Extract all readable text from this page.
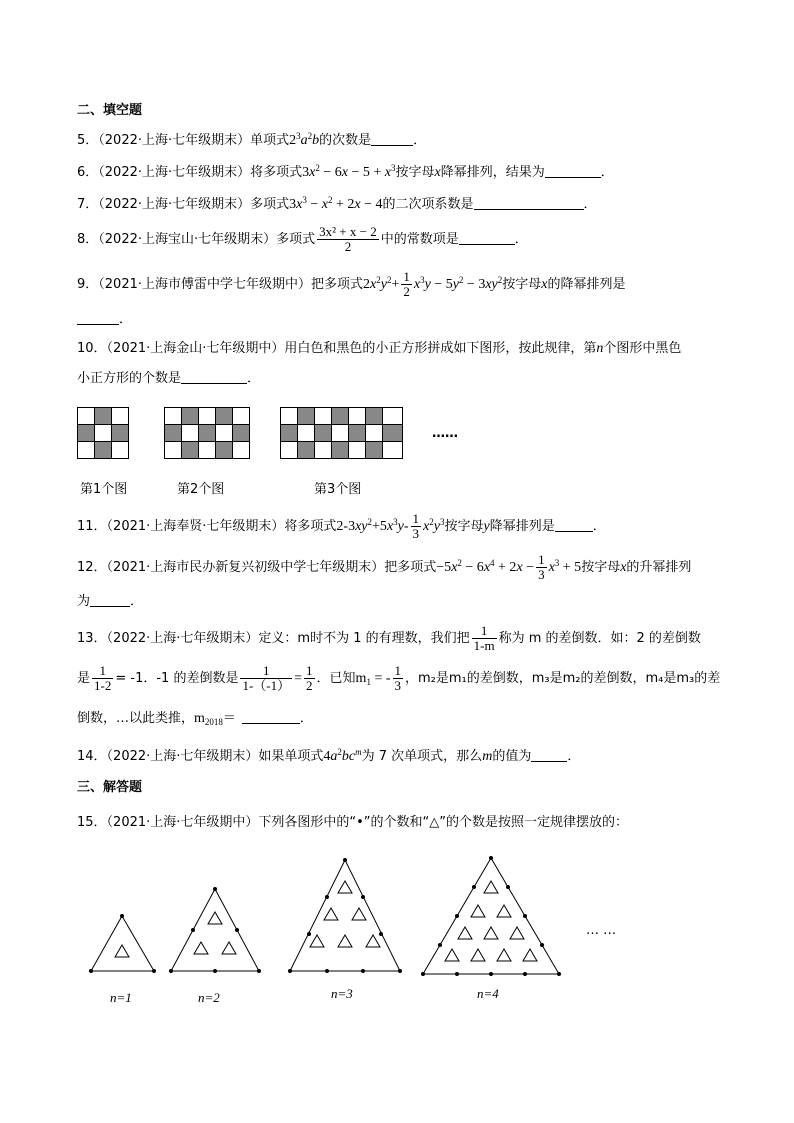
二、填空题
5．（2022·上海·七年级期末）单项式$2^3a^2b$的次数是	．
6．（2022·上海·七年级期末）将多项式$3x^2 - 6x - 5 + x^3$按字母x降幂排列，结果为	．
7．（2022·上海·七年级期末）多项式$3x^3 - x^2 + 2x - 4$的二次项系数是	．
8．（2022·上海宝山·七年级期末）多项式 $\frac{\text{3x² + x − 2}}{2}$ 中的常数项是	．
9．（2021·上海市傅雷中学七年级期中）把多项式$2x^2y^2+ \frac{1}{2} x^3y - 5y^2 - 3xy^2$按字母x的降幂排列是
．
10．（2021·上海金山·七年级期中）用白色和黑色的小正方形拼成如下图形，按此规律，第n个图形中黑色
小正方形的个数是	．
……
第1个图	第2个图	第3个图
11．（2021·上海奉贤·七年级期末）将多项式$2-3xy^2+5x^3y- \frac{1}{3} x^2y^3$按字母y降幂排列是	．
12．（2021·上海市民办新复兴初级中学七年级期末）把多项式$-5x^2 - 6x^4 + 2x - \frac{1}{3} x^3 + 5$按字母x的升幂排列
为	．
13．（2022·上海·七年级期末）定义：m时不为 1 的有理数，我们把 $\frac{1}{1-m}$ 称为 m 的差倒数．如：2 的差倒数
是 $\frac{1}{1-2} = -1$．-1 的差倒数是 $\frac{1}{1-(-1)} = \frac{1}{2}$ ．已知$m_1$ = - $\frac{1}{3}$ ，m₂是m₁的差倒数，m₃是m₂的差倒数，m₄是m₃的差
倒数，…以此类推，$m_{2018}=$	．
14．（2022·上海·七年级期末）如果单项式$4a^2bc^m$为 7 次单项式，那么m的值为	．
三、解答题
15．（2021·上海·七年级期中）下列各图形中的“•”的个数和“△”的个数是按照一定规律摆放的：
… …
n=1	n=2	n=3	n=4
